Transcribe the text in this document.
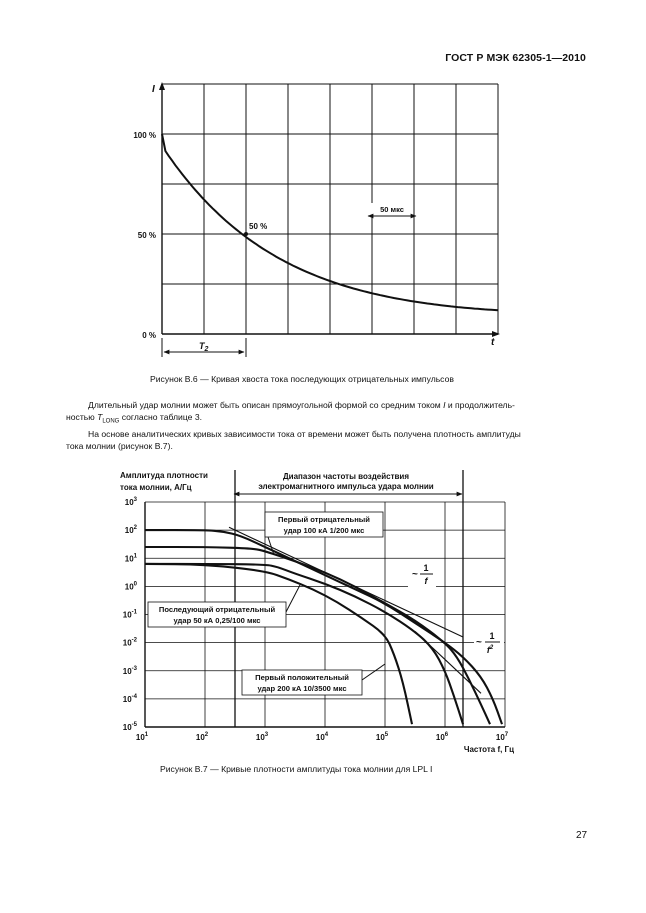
ГОСТ Р МЭК 62305-1—2010
I
t
100 %
50 %
0 %
50 %
50 мкс
$T_2$
Рисунок В.6 — Кривая хвоста тока последующих отрицательных импульсов

Длительный удар молнии может быть описан прямоугольной формой со средним током I и продолжитель-

ностью $T_{LONG}$ согласно таблице 3.

На основе аналитических кривых зависимости тока от времени может быть получена плотность амплитуды

тока молнии (рисунок В.7).

$10^1$	$10^2$	$10^3$	$10^4$	$10^5$	$10^6$	$10^7$
$10^3$
$10^2$
$10^1$
$10^0$
$10^{-1}$
$10^{-2}$
$10^{-3}$
$10^{-4}$
$10^{-5}$
Амплитуда плотности
тока молнии, А/Гц
Диапазон частоты воздействия
электромагнитного импульса удара молнии
Первый отрицательный
удар 100 кА 1/200 мкс
Последующий отрицательный
удар 50 кА 0,25/100 мкс
Первый положительный
удар 200 кА 10/3500 мкс
~
1
f
~
1
$f^2$
Частота f, Гц
Рисунок В.7 — Кривые плотности амплитуды тока молнии для LPL I
27
